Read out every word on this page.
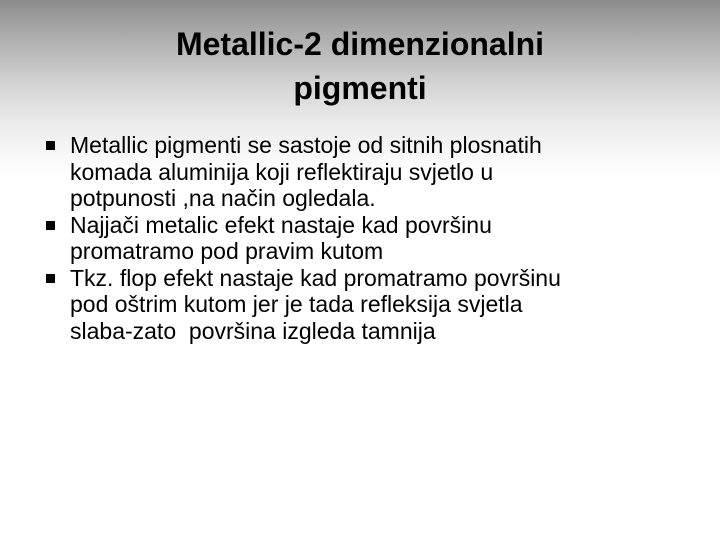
Metallic-2 dimenzionalni
pigmenti
Metallic pigmenti se sastoje od sitnih plosnatih
komada aluminija koji reflektiraju svjetlo u
potpunosti ,na način ogledala.
Najjači metalic efekt nastaje kad površinu
promatramo pod pravim kutom
Tkz. flop efekt nastaje kad promatramo površinu
pod oštrim kutom jer je tada refleksija svjetla
slaba-zato  površina izgleda tamnija
